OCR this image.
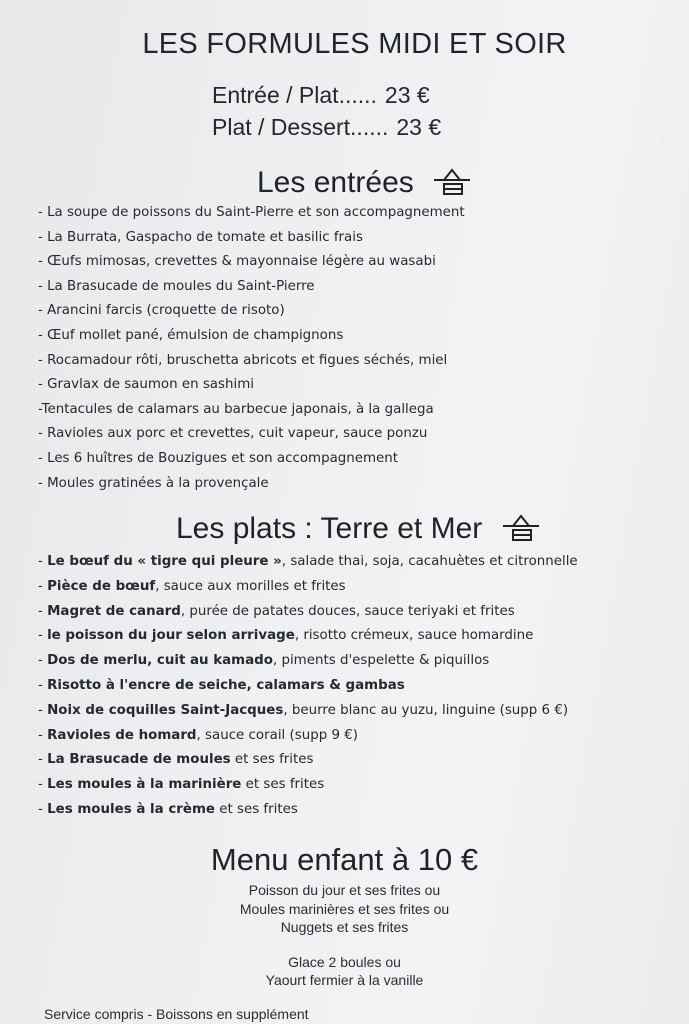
LES FORMULES MIDI ET SOIR
Entrée / Plat...... 23 €
Plat / Dessert...... 23 €
Les entrées
- La soupe de poissons du Saint-Pierre et son accompagnement
- La Burrata, Gaspacho de tomate et basilic frais
- Œufs mimosas, crevettes & mayonnaise légère au wasabi
- La Brasucade de moules du Saint-Pierre
- Arancini farcis (croquette de risoto)
- Œuf mollet pané, émulsion de champignons
- Rocamadour rôti, bruschetta abricots et figues séchés, miel
- Gravlax de saumon en sashimi
-Tentacules de calamars au barbecue japonais, à la gallega
- Ravioles aux porc et crevettes, cuit vapeur, sauce ponzu
- Les 6 huîtres de Bouzigues et son accompagnement
- Moules gratinées à la provençale
Les plats : Terre et Mer
- Le bœuf du « tigre qui pleure », salade thai, soja, cacahuètes et citronnelle
- Pièce de bœuf, sauce aux morilles et frites
- Magret de canard, purée de patates douces, sauce teriyaki et frites
- le poisson du jour selon arrivage, risotto crémeux, sauce homardine
- Dos de merlu, cuit au kamado, piments d'espelette & piquillos
- Risotto à l'encre de seiche, calamars & gambas
- Noix de coquilles Saint-Jacques, beurre blanc au yuzu, linguine (supp 6 €)
- Ravioles de homard, sauce corail (supp 9 €)
- La Brasucade de moules et ses frites
- Les moules à la marinière et ses frites
- Les moules à la crème et ses frites
Menu enfant à 10 €
Poisson du jour et ses frites ou
Moules marinières et ses frites ou
Nuggets et ses frites
Glace 2 boules ou
Yaourt fermier à la vanille
Service compris - Boissons en supplément
